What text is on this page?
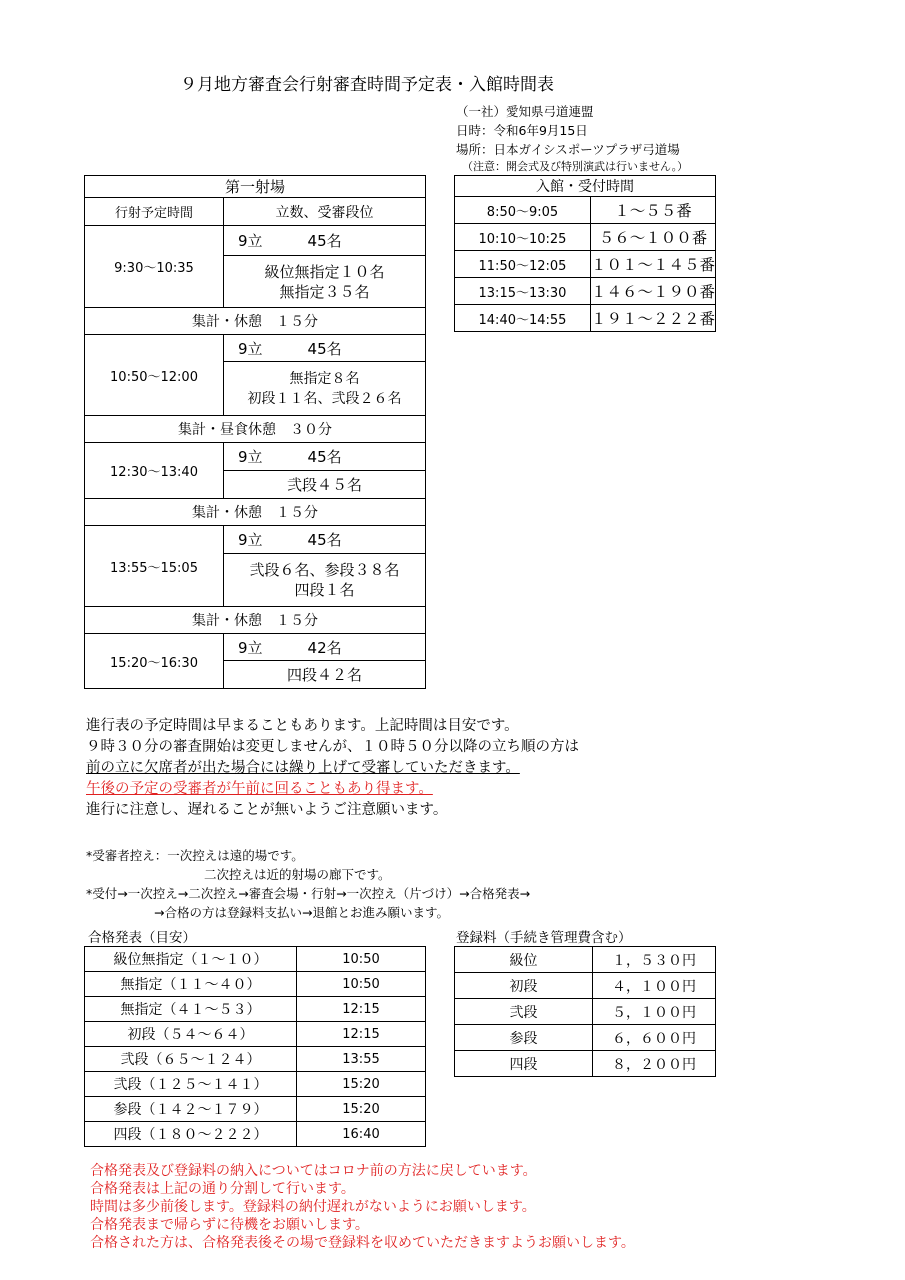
９月地方審査会行射審査時間予定表・入館時間表
（一社）愛知県弓道連盟
日時：令和6年9月15日
場所：日本ガイシスポーツプラザ弓道場
（注意：開会式及び特別演武は行いません。）
第一射場	
行射予定時間	立数、受審段位
9:30～10:35	9立　　　45名

	級位無指定１０名
無指定３５名

集計・休憩　１５分	
10:50～12:00	9立　　　45名

	無指定８名
初段１１名、弐段２６名

集計・昼食休憩　３０分	
12:30～13:40	9立　　　45名

	弐段４５名

集計・休憩　１５分	
13:55～15:05	9立　　　45名

	弐段６名、参段３８名
四段１名

集計・休憩　１５分	
15:20～16:30	9立　　　42名

	四段４２名
入館・受付時間	
8:50～9:05	１～５５番
10:10～10:25	５６～１００番
11:50～12:05	１０１～１４５番
13:15～13:30	１４６～１９０番
14:40～14:55	１９１～２２２番
進行表の予定時間は早まることもあります。上記時間は目安です。
９時３０分の審査開始は変更しませんが、１０時５０分以降の立ち順の方は
前の立に欠席者が出た場合には繰り上げて受審していただきます。
午後の予定の受審者が午前に回ることもあり得ます。
進行に注意し、遅れることが無いようご注意願います。
*受審者控え：一次控えは遠的場です。
二次控えは近的射場の廊下です。
*受付→一次控え→二次控え→審査会場・行射→一次控え（片づけ）→合格発表→
→合格の方は登録料支払い→退館とお進み願います。
合格発表（目安）
級位無指定（１～１０）	10:50
無指定（１１～４０）	10:50
無指定（４１～５３）	12:15
初段（５４～６４）	12:15
弐段（６５～１２４）	13:55
弐段（１２５～１４１）	15:20
参段（１４２～１７９）	15:20
四段（１８０～２２２）	16:40
登録料（手続き管理費含む）
級位	１，５３０円
初段	４，１００円
弐段	５，１００円
参段	６，６００円
四段	８，２００円
合格発表及び登録料の納入についてはコロナ前の方法に戻しています。
合格発表は上記の通り分割して行います。
時間は多少前後します。登録料の納付遅れがないようにお願いします。
合格発表まで帰らずに待機をお願いします。
合格された方は、合格発表後その場で登録料を収めていただきますようお願いします。
